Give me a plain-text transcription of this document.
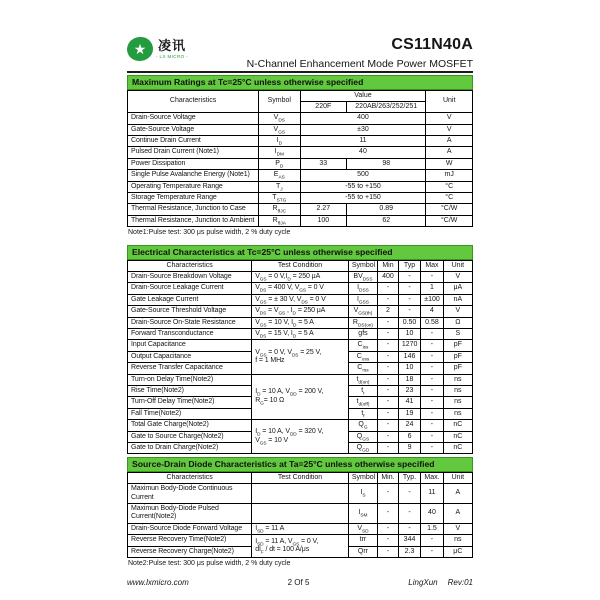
★ 凌讯
- LX MICRO -
CS11N40A
N-Channel Enhancement Mode Power MOSFET
Maximum Ratings at Tc=25°C unless otherwise specified
Characteristics	Symbol	Value		Unit
		220F	220AB/263/252/251	
Drain-Source Voltage	$V_{DS}$	400		V
Gate-Source Voltage	$V_{GS}$	±30		V
Continue Drain Current	$I_D$	11		A
Pulsed Drain Current (Note1)	$I_{DM}$	40		A
Power Dissipation	$P_D$	33	98	W
Single Pulse Avalanche Energy (Note1)	$E_{AS}$	500		mJ
Operating Temperature Range	$T_J$	-55 to +150		°C
Storage Temperature Range	$T_{STG}$	-55 to +150		°C
Thermal Resistance, Junction to Case	$R_{\theta JC}$	2.27	0.89	°C/W
Thermal Resistance, Junction to Ambient	$R_{\theta JA}$	100	62	°C/W
Note1:Pulse test: 300 μs pulse width, 2 % duty cycle
Electrical Characteristics at Tc=25°C unless otherwise specified
Characteristics	Test Condition	Symbol	Min	Typ	Max	Unit
Drain-Source Breakdown Voltage	$V_{GS} = 0$ $V,I_D = 250$ μA	$BV_{DSS}$	400	-	-	V
Drain-Source Leakage Current	$V_{DS} = 400$ V, $V_{GS} = 0$ V	$I_{DSS}$	-	-	1	μA
Gate Leakage Current	$V_{GS}$ = ± 30 V, $V_{DS} = 0$ V	$I_{GSS}$	-	-	±100	nA
Gate-Source Threshold Voltage	$V_{DS} = V_{GS}$ , $I_D = 250$ μA	$V_{GS(th)}$	2	-	4	V
Drain-Source On-State Resistance	$V_{GS} = 10$ V, $I_D = 5$ A	$R_{DS(on)}$	-	0.50	0.58	Ω
Forward Transconductance	$V_{DS} = 15$ V, $I_D = 5$ A	gfs	-	10	-	S
Input Capacitance	$V_{GS} = 0$ V, $V_{DS} = 25$ V,
f = 1 MHz	$C_{iss}$	-	1270	-	pF
Output Capacitance		$C_{oss}$	-	146	-	pF
Reverse Transfer Capacitance		$C_{rss}$	-	10	-	pF
Turn-on Delay Time(Note2)	$I_D = 10$ A, $V_{DD} = 200$ V,
$R_G= 10$ Ω	$t_{d(on)}$	-	18	-	ns
Rise Time(Note2)		$t_r$	-	23	-	ns
Turn-Off Delay Time(Note2)		$t_{d(off)}$	-	41	-	ns
Fall Time(Note2)		$t_f$	-	19	-	ns
Total Gate Charge(Note2)	$I_D = 10$ A, $V_{DD} = 320$ V,
$V_{GS} = 10$ V	$Q_G$	-	24	-	nC
Gate to Source Charge(Note2)		$Q_{GS}$	-	6	-	nC
Gate to Drain Charge(Note2)		$Q_{GD}$	-	9	-	nC
Source-Drain Diode Characteristics at Ta=25°C unless otherwise specified
Characteristics	Test Condition	Symbol	Min.	Typ.	Max.	Unit
Maximun Body-Diode Continuous Current		$I_S$	-	-	11	A
Maximun Body-Diode Pulsed Current(Note2)		$I_{SM}$	-	-	40	A
Drain-Source Diode Forward Voltage	$I_{SD} = 11$ A	$V_{SD}$	-	-	1.5	V
Reverse Recovery Time(Note2)	$I_{SD} = 11$ A, $V_{GS} = 0$ V,
$dI_F$ / dt = 100 A/μs	trr	-	344	-	ns
Reverse Recovery Charge(Note2)		Qrr	-	2.3	-	μC
Note2:Pulse test: 300 μs pulse width, 2 % duty cycle
www.lxmicro.com	2 Of 5	LingXun Rev:01
